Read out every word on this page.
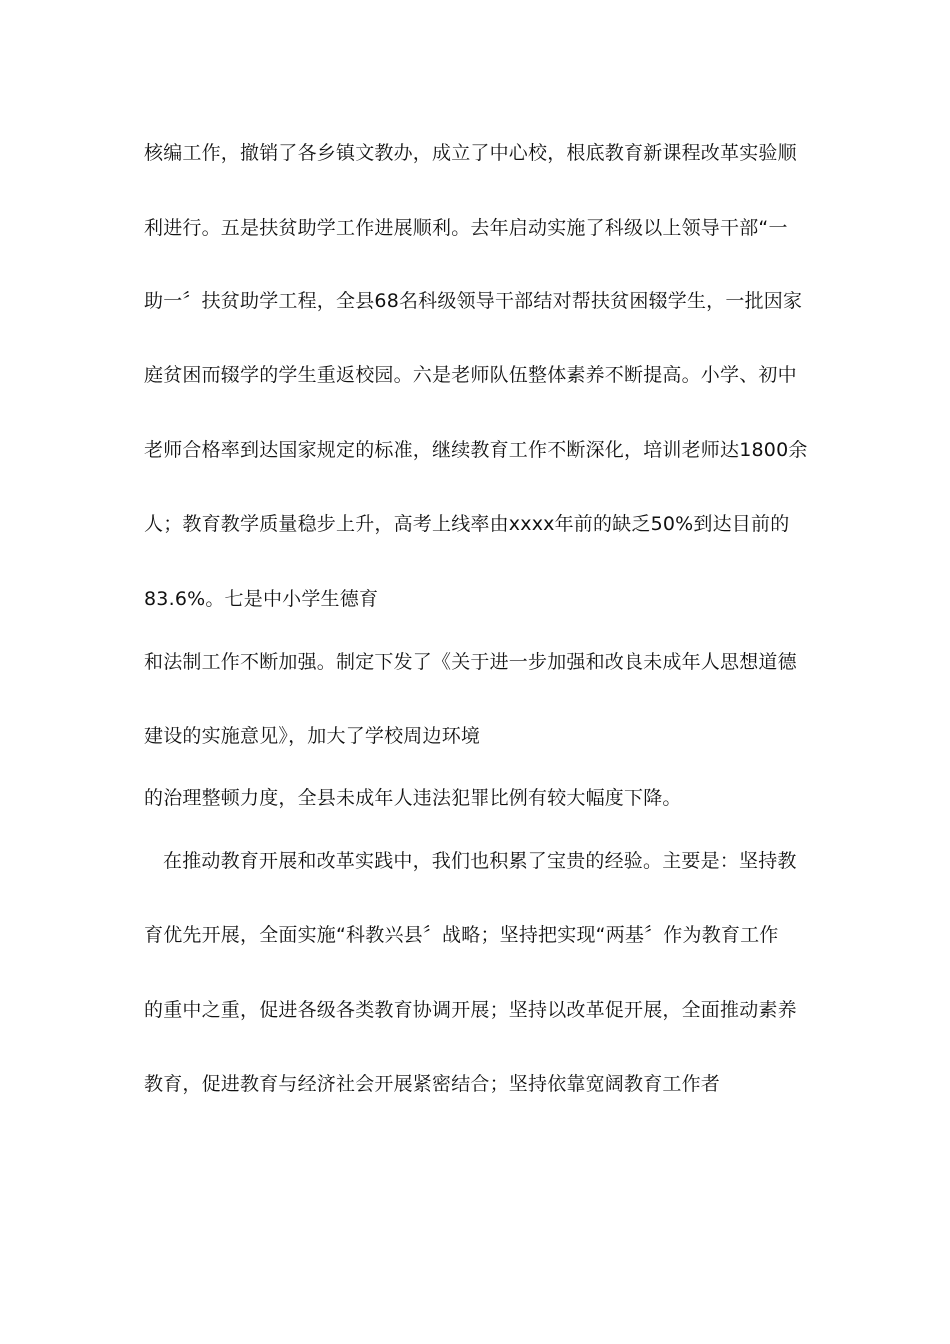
核编工作，撤销了各乡镇文教办，成立了中心校，根底教育新课程改革实验顺
利进行。五是扶贫助学工作进展顺利。去年启动实施了科级以上领导干部“一
助一〞扶贫助学工程，全县68名科级领导干部结对帮扶贫困辍学生，一批因家
庭贫困而辍学的学生重返校园。六是老师队伍整体素养不断提高。小学、初中
老师合格率到达国家规定的标准，继续教育工作不断深化，培训老师达1800余
人；教育教学质量稳步上升，高考上线率由xxxx年前的缺乏50%到达目前的
83.6%。七是中小学生德育
和法制工作不断加强。制定下发了《关于进一步加强和改良未成年人思想道德
建设的实施意见》，加大了学校周边环境
的治理整顿力度，全县未成年人违法犯罪比例有较大幅度下降。
在推动教育开展和改革实践中，我们也积累了宝贵的经验。主要是：坚持教
育优先开展，全面实施“科教兴县〞战略；坚持把实现“两基〞作为教育工作
的重中之重，促进各级各类教育协调开展；坚持以改革促开展，全面推动素养
教育，促进教育与经济社会开展紧密结合；坚持依靠宽阔教育工作者
